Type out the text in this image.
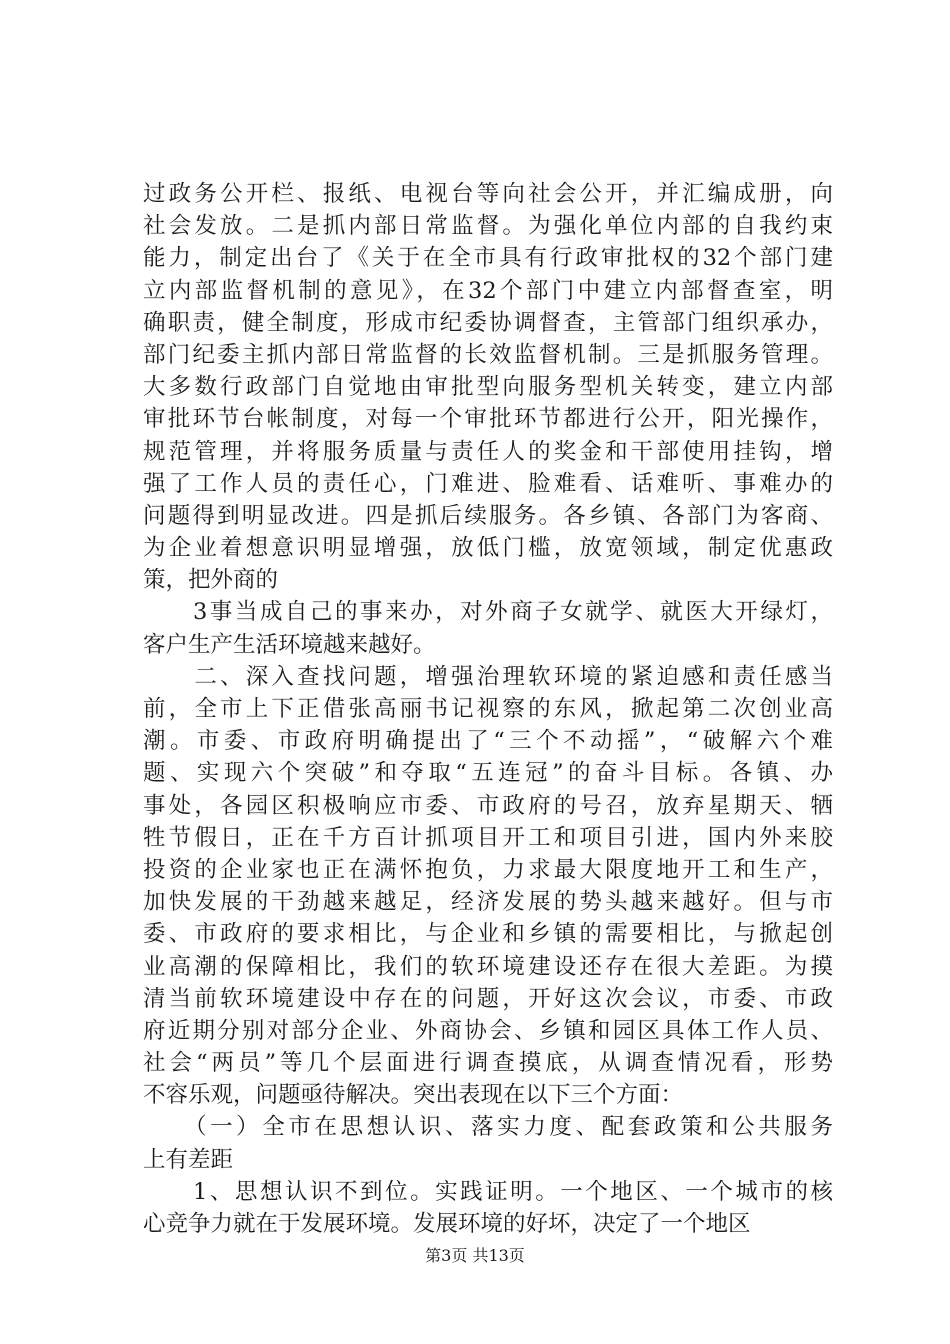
过政务公开栏、报纸、电视台等向社会公开，并汇编成册，向
社会发放。二是抓内部日常监督。为强化单位内部的自我约束
能力，制定出台了《关于在全市具有行政审批权的32个部门建
立内部监督机制的意见》，在32个部门中建立内部督查室，明
确职责，健全制度，形成市纪委协调督查，主管部门组织承办，
部门纪委主抓内部日常监督的长效监督机制。三是抓服务管理。
大多数行政部门自觉地由审批型向服务型机关转变，建立内部
审批环节台帐制度，对每一个审批环节都进行公开，阳光操作，
规范管理，并将服务质量与责任人的奖金和干部使用挂钩，增
强了工作人员的责任心，门难进、脸难看、话难听、事难办的
问题得到明显改进。四是抓后续服务。各乡镇、各部门为客商、
为企业着想意识明显增强，放低门槛，放宽领域，制定优惠政
策，把外商的
　　3事当成自己的事来办，对外商子女就学、就医大开绿灯，
客户生产生活环境越来越好。
　　二、深入查找问题，增强治理软环境的紧迫感和责任感当
前，全市上下正借张高丽书记视察的东风，掀起第二次创业高
潮。市委、市政府明确提出了“三个不动摇”，“破解六个难
题、实现六个突破”和夺取“五连冠”的奋斗目标。各镇、办
事处，各园区积极响应市委、市政府的号召，放弃星期天、牺
牲节假日，正在千方百计抓项目开工和项目引进，国内外来胶
投资的企业家也正在满怀抱负，力求最大限度地开工和生产，
加快发展的干劲越来越足，经济发展的势头越来越好。但与市
委、市政府的要求相比，与企业和乡镇的需要相比，与掀起创
业高潮的保障相比，我们的软环境建设还存在很大差距。为摸
清当前软环境建设中存在的问题，开好这次会议，市委、市政
府近期分别对部分企业、外商协会、乡镇和园区具体工作人员、
社会“两员”等几个层面进行调查摸底，从调查情况看，形势
不容乐观，问题亟待解决。突出表现在以下三个方面：
　　（一）全市在思想认识、落实力度、配套政策和公共服务
上有差距
　　1、思想认识不到位。实践证明。一个地区、一个城市的核
心竞争力就在于发展环境。发展环境的好坏，决定了一个地区
第3页 共13页
